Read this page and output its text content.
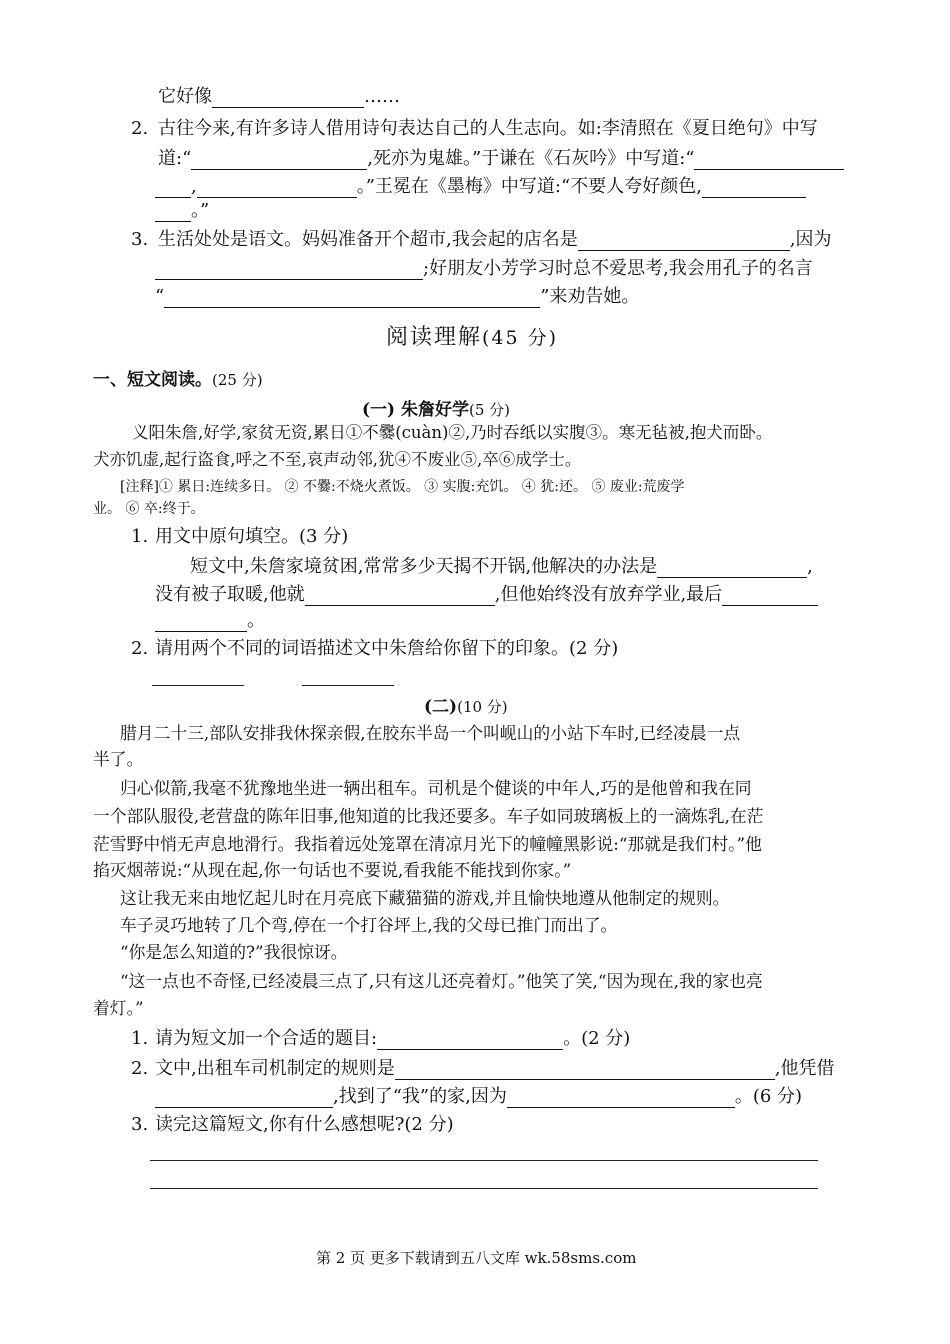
它好像	……
2. 古往今来,有许多诗人借用诗句表达自己的人生志向。如:李清照在《夏日绝句》中写
道:“	,死亦为鬼雄。”于谦在《石灰吟》中写道:“
,	。”王冕在《墨梅》中写道:“不要人夸好颜色,
。”
3. 生活处处是语文。妈妈准备开个超市,我会起的店名是	,因为
;好朋友小芳学习时总不爱思考,我会用孔子的名言
“	”来劝告她。
阅读理解(45 分)
一、短文阅读。(25 分)
(一) 朱詹好学(5 分)
义阳朱詹,好学,家贫无资,累日①不爨(cuàn)②,乃时吞纸以实腹③。寒无毡被,抱犬而卧。
犬亦饥虚,起行盗食,呼之不至,哀声动邻,犹④不废业⑤,卒⑥成学士。
[注释]① 累日:连续多日。 ② 不爨:不烧火煮饭。 ③ 实腹:充饥。 ④ 犹:还。 ⑤ 废业:荒废学
业。 ⑥ 卒:终于。
1. 用文中原句填空。(3 分)
短文中,朱詹家境贫困,常常多少天揭不开锅,他解决的办法是	,
没有被子取暖,他就	,但他始终没有放弃学业,最后
。
2. 请用两个不同的词语描述文中朱詹给你留下的印象。(2 分)
(二)(10 分)
腊月二十三,部队安排我休探亲假,在胶东半岛一个叫岘山的小站下车时,已经凌晨一点
半了。
归心似箭,我毫不犹豫地坐进一辆出租车。司机是个健谈的中年人,巧的是他曾和我在同
一个部队服役,老营盘的陈年旧事,他知道的比我还要多。车子如同玻璃板上的一滴炼乳,在茫
茫雪野中悄无声息地滑行。我指着远处笼罩在清凉月光下的幢幢黑影说:“那就是我们村。”他
掐灭烟蒂说:“从现在起,你一句话也不要说,看我能不能找到你家。”
这让我无来由地忆起儿时在月亮底下藏猫猫的游戏,并且愉快地遵从他制定的规则。
车子灵巧地转了几个弯,停在一个打谷坪上,我的父母已推门而出了。
“你是怎么知道的?”我很惊讶。
“这一点也不奇怪,已经凌晨三点了,只有这儿还亮着灯。”他笑了笑,“因为现在,我的家也亮
着灯。”
1. 请为短文加一个合适的题目:	。(2 分)
2. 文中,出租车司机制定的规则是	,他凭借
,找到了“我”的家,因为	。(6 分)
3. 读完这篇短文,你有什么感想呢?(2 分)
第 2 页 更多下载请到五八文库 wk.58sms.com
